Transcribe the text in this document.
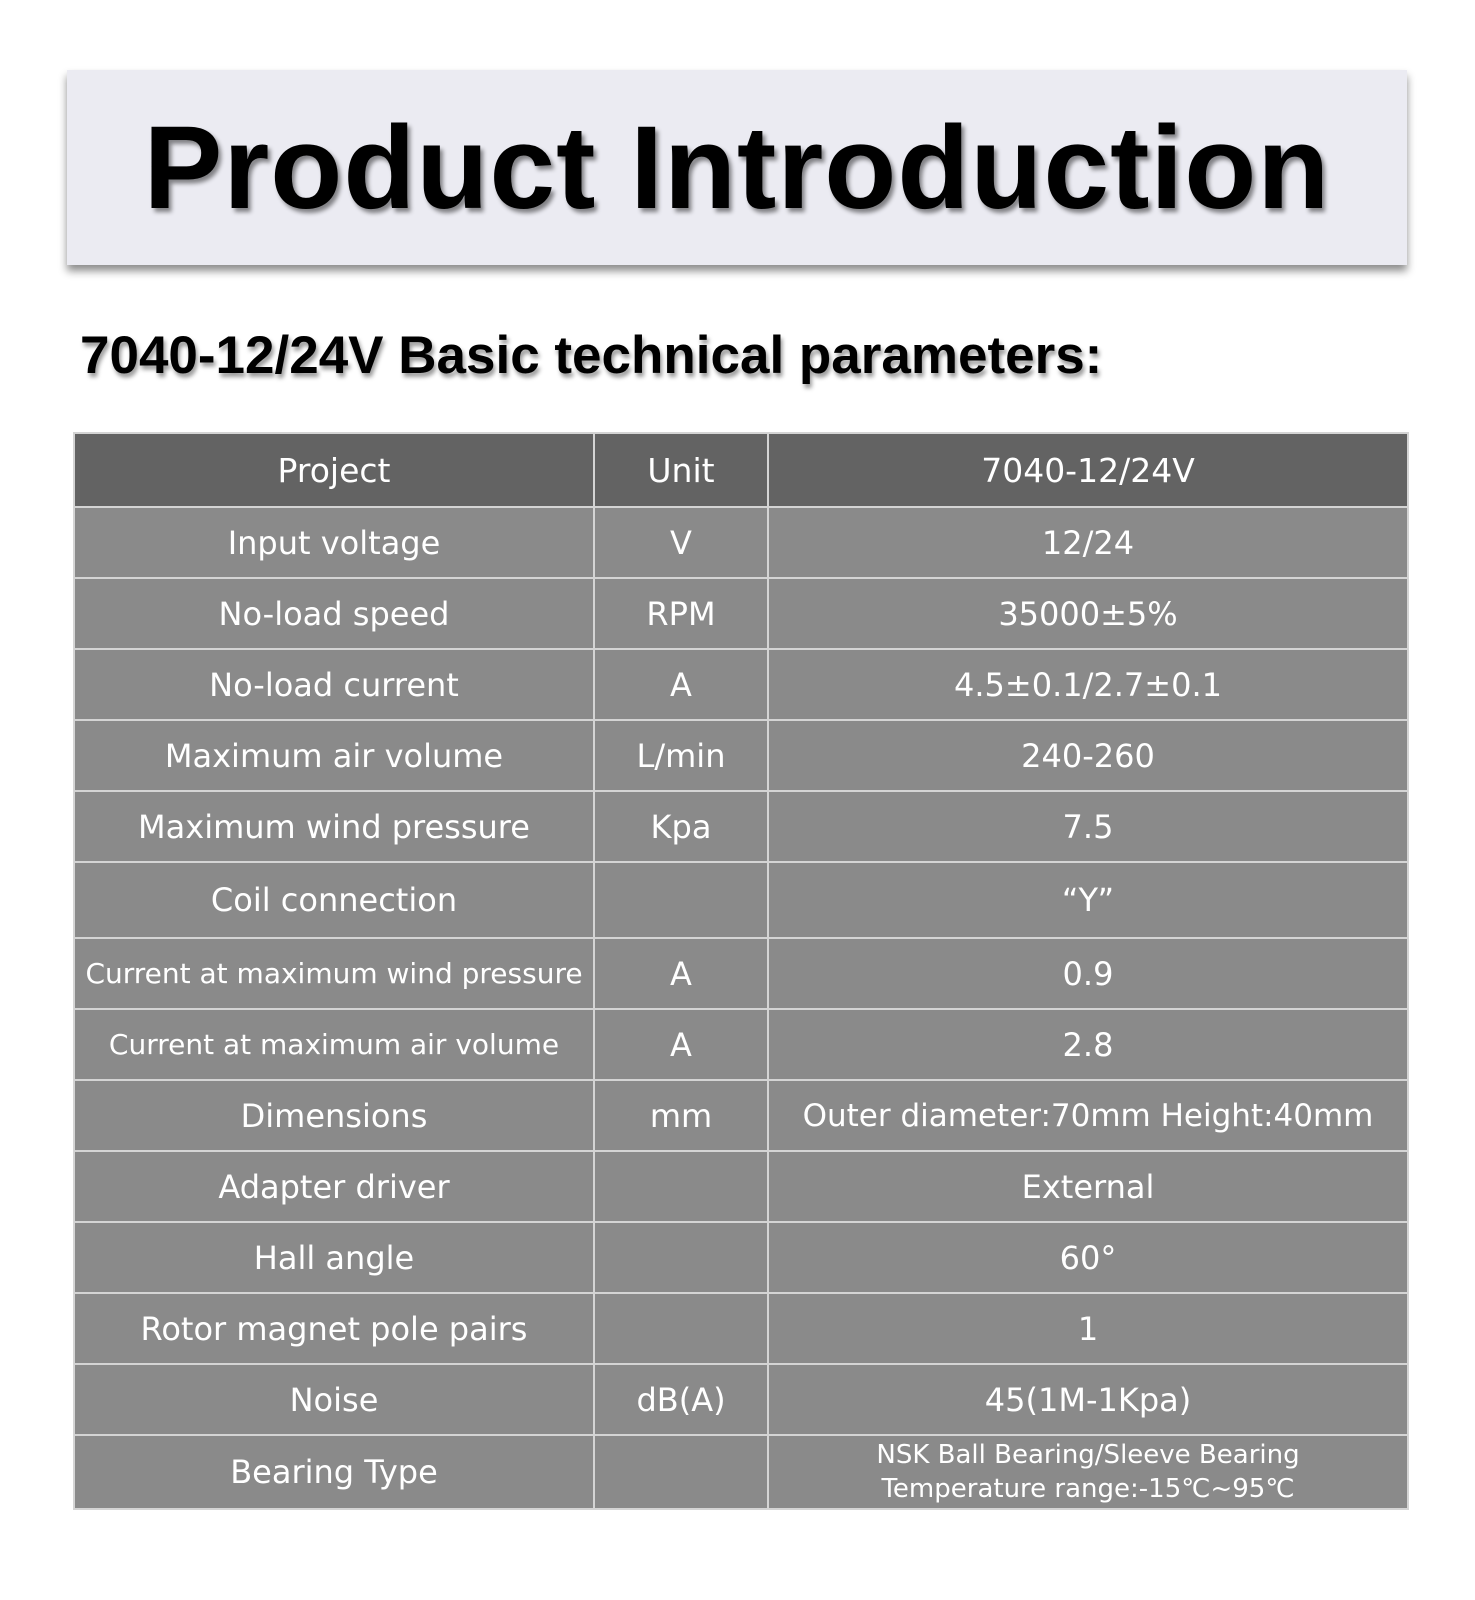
Product Introduction
7040-12/24V Basic technical parameters:
Project	Unit	7040-12/24V
Input voltage	V	12/24
No-load speed	RPM	35000±5%
No-load current	A	4.5±0.1/2.7±0.1
Maximum air volume	L/min	240-260
Maximum wind pressure	Kpa	7.5
Coil connection		“Y”
Current at maximum wind pressure	A	0.9
Current at maximum air volume	A	2.8
Dimensions	mm	Outer diameter:70mm Height:40mm
Adapter driver		External
Hall angle		60°
Rotor magnet pole pairs		1
Noise	dB(A)	45(1M-1Kpa)
Bearing Type		NSK Ball Bearing/Sleeve Bearing
Temperature range:-15℃~95℃
